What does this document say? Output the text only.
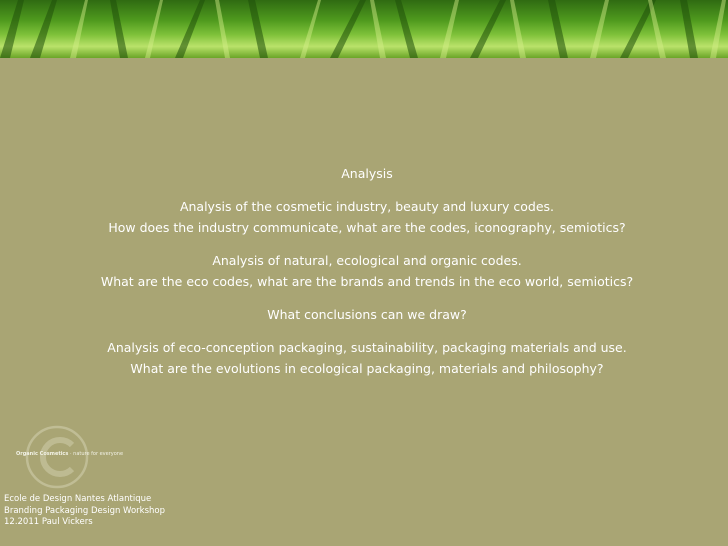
Analysis
Analysis of the cosmetic industry, beauty and luxury codes.
How does the industry communicate, what are the codes, iconography, semiotics?
Analysis of natural, ecological and organic codes.
What are the eco codes, what are the brands and trends in the eco world, semiotics?
What conclusions can we draw?
Analysis of eco-conception packaging, sustainability, packaging materials and use.
What are the evolutions in ecological packaging, materials and philosophy?
Organic Cosmetics · nature for everyone
Ecole de Design Nantes Atlantique
Branding Packaging Design Workshop
12.2011 Paul Vickers
